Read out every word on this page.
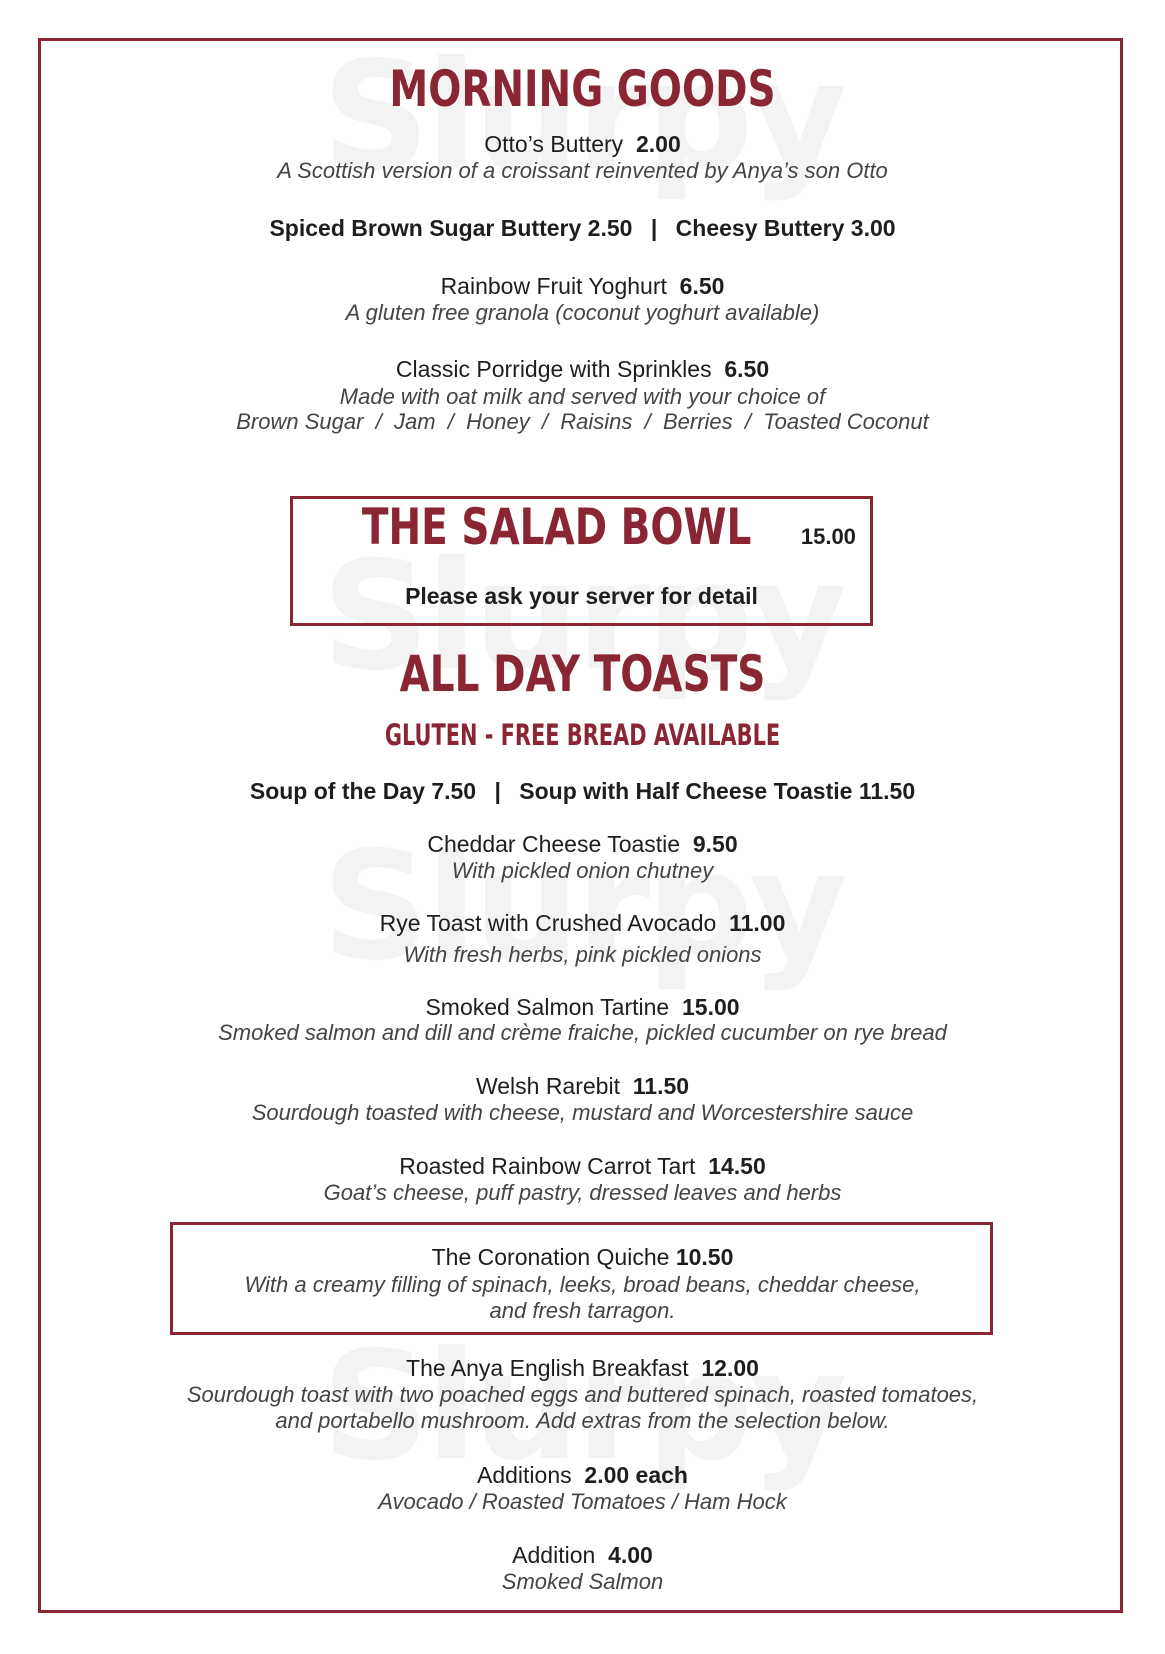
MORNING GOODS
Otto’s Buttery 2.00
A Scottish version of a croissant reinvented by Anya’s son Otto
Spiced Brown Sugar Buttery 2.50 | Cheesy Buttery 3.00
Rainbow Fruit Yoghurt 6.50
A gluten free granola (coconut yoghurt available)
Classic Porridge with Sprinkles 6.50
Made with oat milk and served with your choice of
Brown Sugar  /  Jam  /  Honey  /  Raisins  /  Berries  /  Toasted Coconut
THE SALAD BOWL 15.00
Please ask your server for detail
ALL DAY TOASTS
GLUTEN - FREE BREAD AVAILABLE
Soup of the Day 7.50 | Soup with Half Cheese Toastie 11.50
Cheddar Cheese Toastie 9.50
With pickled onion chutney
Rye Toast with Crushed Avocado 11.00
With fresh herbs, pink pickled onions
Smoked Salmon Tartine 15.00
Smoked salmon and dill and crème fraiche, pickled cucumber on rye bread
Welsh Rarebit 11.50
Sourdough toasted with cheese, mustard and Worcestershire sauce
Roasted Rainbow Carrot Tart 14.50
Goat’s cheese, puff pastry, dressed leaves and herbs
The Coronation Quiche 10.50
With a creamy filling of spinach, leeks, broad beans, cheddar cheese,
and fresh tarragon.
The Anya English Breakfast 12.00
Sourdough toast with two poached eggs and buttered spinach, roasted tomatoes,
and portabello mushroom. Add extras from the selection below.
Additions 2.00 each
Avocado / Roasted Tomatoes / Ham Hock
Addition 4.00
Smoked Salmon
